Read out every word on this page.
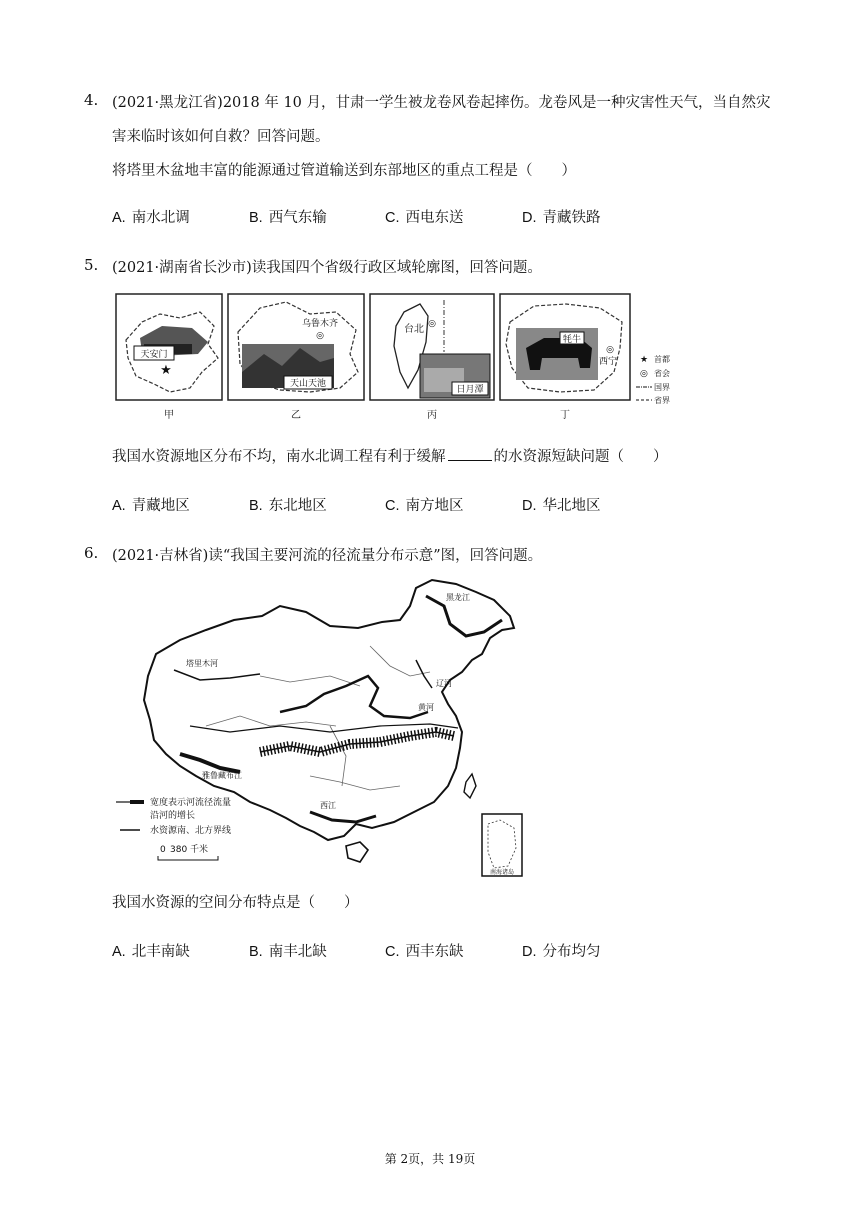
4. (2021·黑龙江省)2018 年 10 月，甘肃一学生被龙卷风卷起摔伤。龙卷风是一种灾害性天气，当自然灾
害来临时该如何自救？回答问题。
将塔里木盆地丰富的能源通过管道输送到东部地区的重点工程是（　　）
A. 南水北调	B. 西气东输	C. 西电东送	D. 青藏铁路
5. (2021·湖南省长沙市)读我国四个省级行政区域轮廓图，回答问题。
天安门
★
乌鲁木齐
◎
天山天池
台北 ◎
日月潭
牦牛
◎
西宁	★ 首都
◎ 省会
国界
省界
甲	乙	丙	丁
我国水资源地区分布不均，南水北调工程有利于缓解	的水资源短缺问题（　　）
A. 青藏地区	B. 东北地区	C. 南方地区	D. 华北地区
6. (2021·吉林省)读“我国主要河流的径流量分布示意”图，回答问题。
南海诸岛
黑龙江
塔里木河
黄河
辽河
雅鲁藏布江
西江
宽度表示河流径流量
沿河的增长
水资源南、北方界线
0 380 千米
我国水资源的空间分布特点是（　　）
A. 北丰南缺	B. 南丰北缺	C. 西丰东缺	D. 分布均匀
第 2页，共 19页
